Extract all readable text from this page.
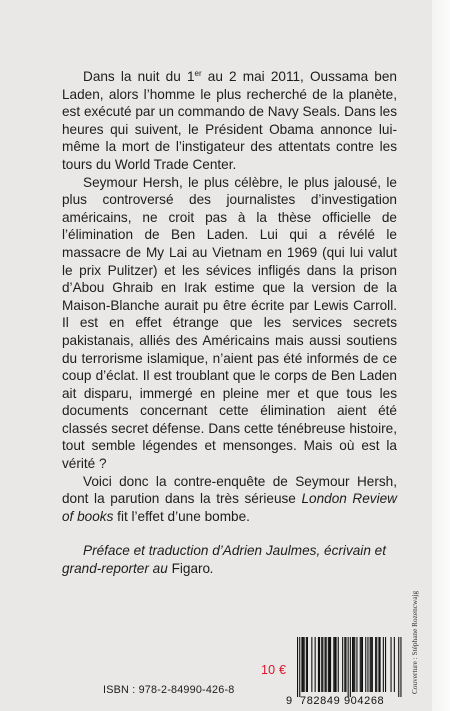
Dans la nuit du 1er au 2 mai 2011, Oussama ben Laden, alors l’homme le plus recherché de la planète, est exécuté par un commando de Navy Seals. Dans les heures qui suivent, le Président Obama annonce lui-même la mort de l’instigateur des attentats contre les tours du World Trade Center.

Seymour Hersh, le plus célèbre, le plus jalousé, le plus controversé des journalistes d’investigation américains, ne croit pas à la thèse officielle de l’élimination de Ben Laden. Lui qui a révélé le massacre de My Lai au Vietnam en 1969 (qui lui valut le prix Pulitzer) et les sévices infligés dans la prison d’Abou Ghraib en Irak estime que la version de la Maison-Blanche aurait pu être écrite par Lewis Carroll. Il est en effet étrange que les services secrets pakistanais, alliés des Américains mais aussi soutiens du terrorisme islamique, n’aient pas été informés de ce coup d’éclat. Il est troublant que le corps de Ben Laden ait disparu, immergé en pleine mer et que tous les documents concernant cette élimination aient été classés secret défense. Dans cette ténébreuse histoire, tout semble légendes et mensonges. Mais où est la vérité ?

Voici donc la contre-enquête de Seymour Hersh, dont la parution dans la très sérieuse London Review of books fit l’effet d’une bombe.

Préface et traduction d’Adrien Jaulmes, écrivain et grand-reporter au Figaro.

10 €
ISBN : 978-2-84990-426-8
9 782849 904268
Couverture : Stéphane Rozencwajg
